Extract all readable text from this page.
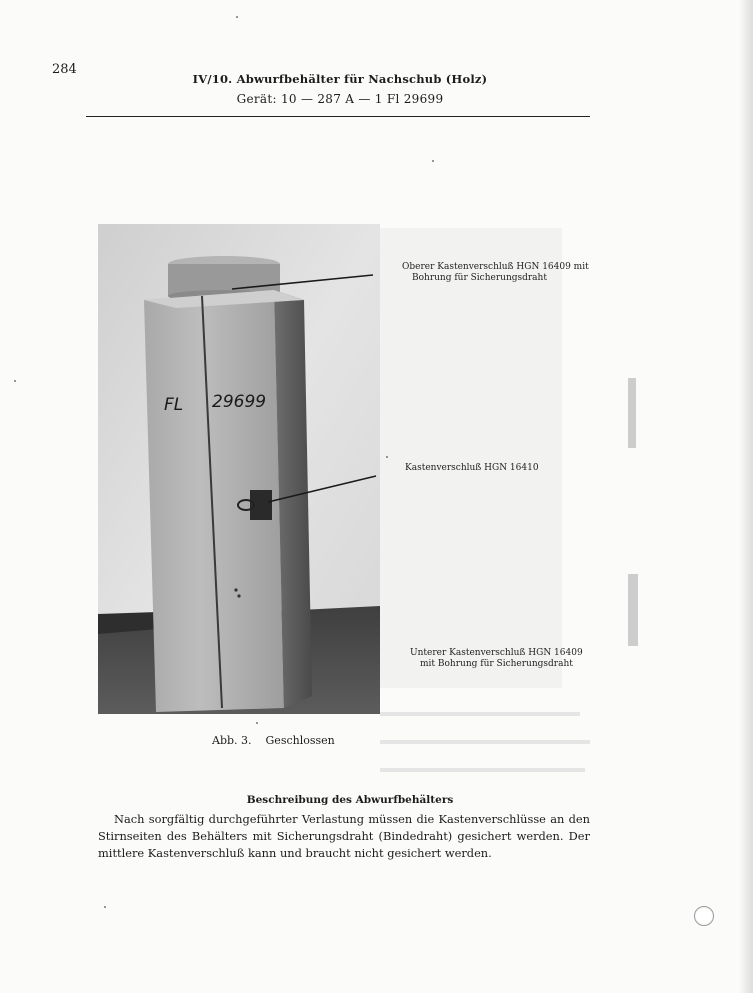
284
IV/10. Abwurfbehälter für Nachschub (Holz)
Gerät: 10 — 287 A — 1 Fl 29699
FL 29699
Oberer Kastenverschluß HGN 16409 mit
Bohrung für Sicherungsdraht
Kastenverschluß HGN 16410
Unterer Kastenverschluß HGN 16409
mit Bohrung für Sicherungsdraht
Abb. 3. Geschlossen
Beschreibung des Abwurfbehälters

Nach sorgfältig durchgeführter Verlastung müssen die Kastenverschlüsse an den Stirnseiten des Behälters mit Sicherungsdraht (Bindedraht) gesichert werden. Der mittlere Kastenverschluß kann und braucht nicht gesichert werden.
